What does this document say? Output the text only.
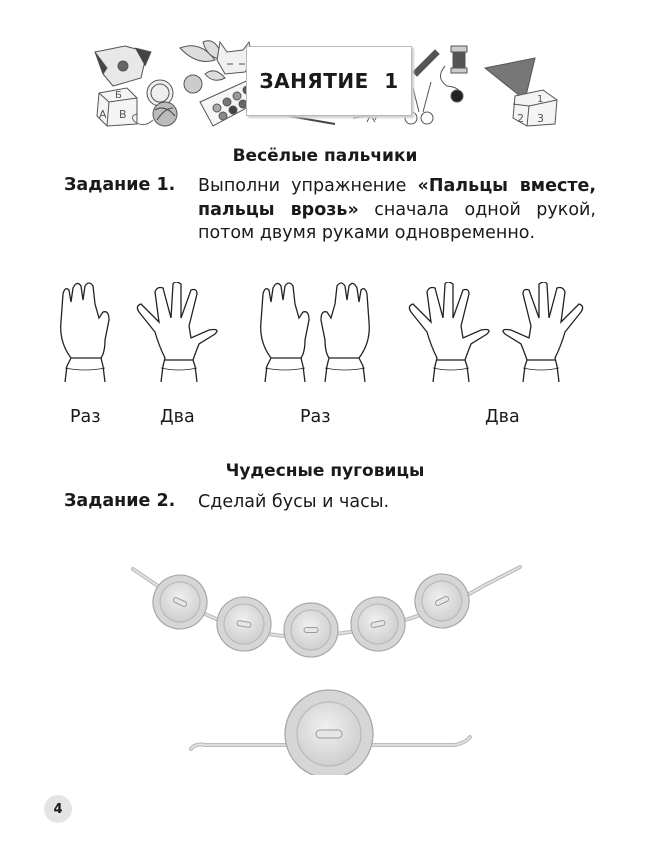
Б
А В
1
2 3
ЗАНЯТИЕ 1
Весёлые пальчики
Задание 1. Выполни упражнение «Пальцы вместе, пальцы врозь» сначала одной рукой, потом двумя руками одновременно.
Раз	Два	Раз	Два
Чудесные пуговицы
Задание 2. Сделай бусы и часы.
4
